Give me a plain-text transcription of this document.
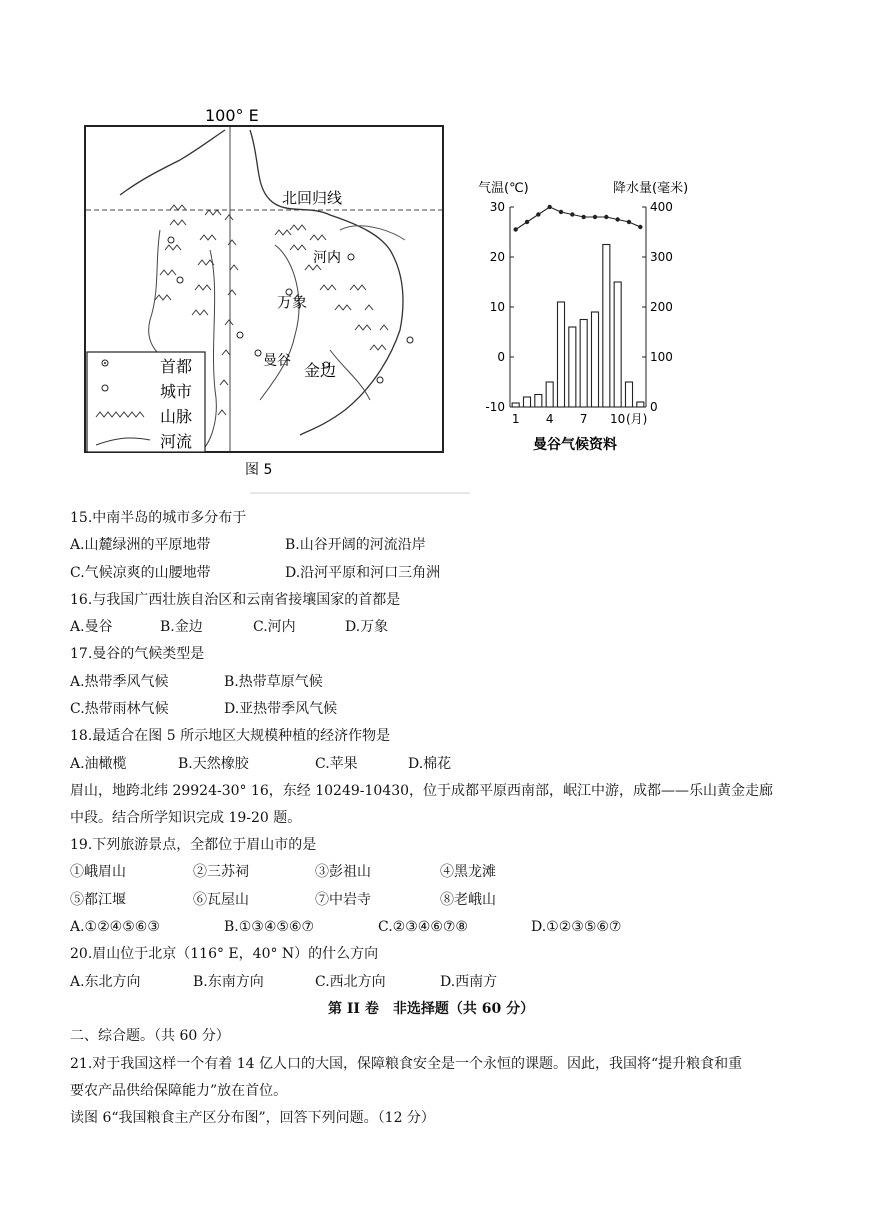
100° E
北回归线
河内
万象
曼谷 金边
首都
城市
山脉
河流
图 5
气温(℃)	降水量(毫米)
30
20
10
0
-10
400
300
200
100
0
1 4 7 10 (月)
曼谷气候资料
15.中南半岛的城市多分布于
A.山麓绿洲的平原地带	B.山谷开阔的河流沿岸
C.气候凉爽的山腰地带	D.沿河平原和河口三角洲
16.与我国广西壮族自治区和云南省接壤国家的首都是
A.曼谷	B.金边	C.河内	D.万象
17.曼谷的气候类型是
A.热带季风气候	B.热带草原气候
C.热带雨林气候	D.亚热带季风气候
18.最适合在图 5 所示地区大规模种植的经济作物是
A.油橄榄	B.天然橡胶	C.苹果	D.棉花
眉山，地跨北纬 29924-30° 16，东经 10249-10430，位于成都平原西南部，岷江中游，成都——乐山黄金走廊
中段。结合所学知识完成 19-20 题。
19.下列旅游景点，全都位于眉山市的是
①峨眉山	②三苏祠	③彭祖山	④黑龙滩
⑤都江堰	⑥瓦屋山	⑦中岩寺	⑧老峨山
A.①②④⑤⑥③	B.①③④⑤⑥⑦	C.②③④⑥⑦⑧	D.①②③⑤⑥⑦
20.眉山位于北京（116° E，40° N）的什么方向
A.东北方向	B.东南方向	C.西北方向	D.西南方
第 II 卷　非选择题（共 60 分）
二、综合题。（共 60 分）
21.对于我国这样一个有着 14 亿人口的大国，保障粮食安全是一个永恒的课题。因此，我国将“提升粮食和重
要农产品供给保障能力”放在首位。
读图 6“我国粮食主产区分布图”，回答下列问题。（12 分）
